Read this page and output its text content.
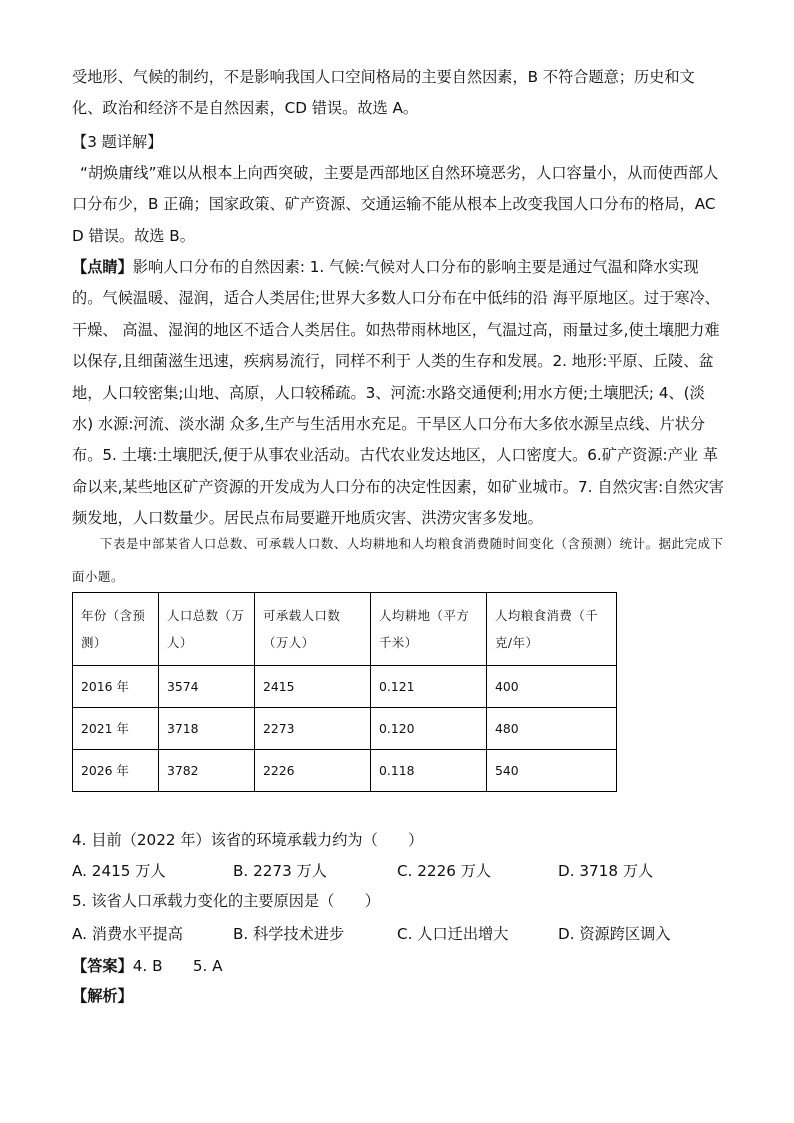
受地形、气候的制约，不是影响我国人口空间格局的主要自然因素，B 不符合题意；历史和文化、政治和经济不是自然因素，CD 错误。故选 A。

【3 题详解】

“胡焕庸线”难以从根本上向西突破，主要是西部地区自然环境恶劣，人口容量小，从而使西部人口分布少，B 正确；国家政策、矿产资源、交通运输不能从根本上改变我国人口分布的格局，ACD 错误。故选 B。

【点睛】影响人口分布的自然因素: 1. 气候:气候对人口分布的影响主要是通过气温和降水实现的。气候温暖、湿润，适合人类居住;世界大多数人口分布在中低纬的沿 海平原地区。过于寒冷、干燥、 高温、湿润的地区不适合人类居住。如热带雨林地区，气温过高，雨量过多,使土壤肥力难以保存,且细菌滋生迅速，疾病易流行，同样不利于 人类的生存和发展。2. 地形:平原、丘陵、盆地，人口较密集;山地、高原，人口较稀疏。3、河流:水路交通便利;用水方便;土壤肥沃; 4、(淡水) 水源:河流、淡水湖 众多,生产与生活用水充足。干旱区人口分布大多依水源呈点线、片状分布。5. 土壤:土壤肥沃,便于从事农业活动。古代农业发达地区，人口密度大。6.矿产资源:产业 革命以来,某些地区矿产资源的开发成为人口分布的决定性因素，如矿业城市。7. 自然灾害:自然灾害频发地，人口数量少。居民点布局要避开地质灾害、洪涝灾害多发地。

下表是中部某省人口总数、可承载人口数、人均耕地和人均粮食消费随时间变化（含预测）统计。据此完成下面小题。

年份（含预测）	人口总数（万人）	可承载人口数（万人）	人均耕地（平方千米）	人均粮食消费（千克/年）
2016 年	3574	2415	0.121	400
2021 年	3718	2273	0.120	480
2026 年	3782	2226	0.118	540

4. 目前（2022 年）该省的环境承载力约为（　　）

A. 2415 万人	B. 2273 万人	C. 2226 万人	D. 3718 万人

5. 该省人口承载力变化的主要原因是（　　）

A. 消费水平提高	B. 科学技术进步	C. 人口迁出增大	D. 资源跨区调入

【答案】4. B　　5. A

【解析】
